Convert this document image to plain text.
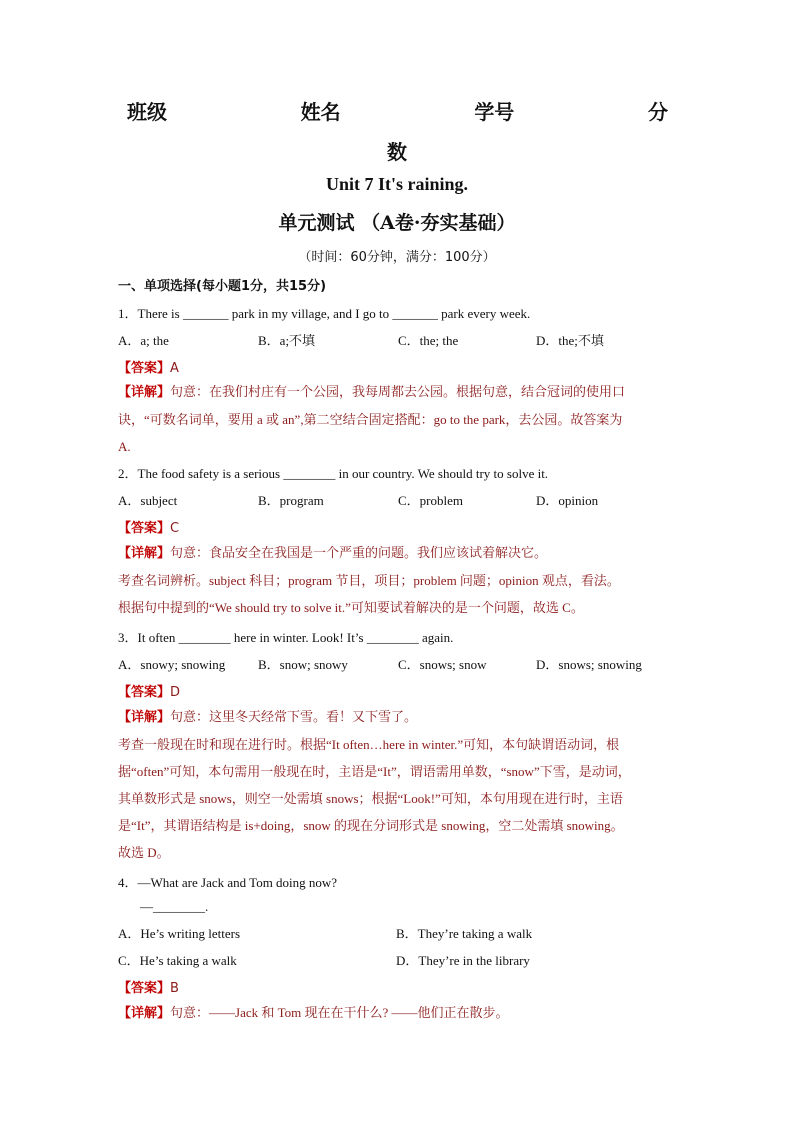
班级	姓名	学号	分
数
Unit 7 It's raining.
单元测试 （A卷·夯实基础）
（时间：60分钟，满分：100分）
一、单项选择(每小题1分，共15分)
1．There is _______ park in my village, and I go to _______ park every week.
A．a; the	B．a;不填	C．the; the	D．the;不填
【答案】A
【详解】句意：在我们村庄有一个公园，我每周都去公园。根据句意，结合冠词的使用口
诀，“可数名词单，要用 a 或 an”,第二空结合固定搭配：go to the park，去公园。故答案为
A.
2．The food safety is a serious ________ in our country. We should try to solve it.
A．subject	B．program	C．problem	D．opinion
【答案】C
【详解】句意：食品安全在我国是一个严重的问题。我们应该试着解决它。
考查名词辨析。subject 科目；program 节目，项目；problem 问题；opinion 观点，看法。
根据句中提到的“We should try to solve it.”可知要试着解决的是一个问题，故选 C。
3．It often ________ here in winter. Look! It’s ________ again.
A．snowy; snowing	B．snow; snowy	C．snows; snow	D．snows; snowing
【答案】D
【详解】句意：这里冬天经常下雪。看！又下雪了。
考查一般现在时和现在进行时。根据“It often…here in winter.”可知，本句缺谓语动词，根
据“often”可知，本句需用一般现在时，主语是“It”，谓语需用单数，“snow”下雪，是动词，
其单数形式是 snows，则空一处需填 snows；根据“Look!”可知，本句用现在进行时，主语
是“It”，其谓语结构是 is+doing，snow 的现在分词形式是 snowing，空二处需填 snowing。
故选 D。
4．—What are Jack and Tom doing now?
—________.
A．He’s writing letters	B．They’re taking a walk
C．He’s taking a walk	D．They’re in the library
【答案】B
【详解】句意：——Jack 和 Tom 现在在干什么? ——他们正在散步。
